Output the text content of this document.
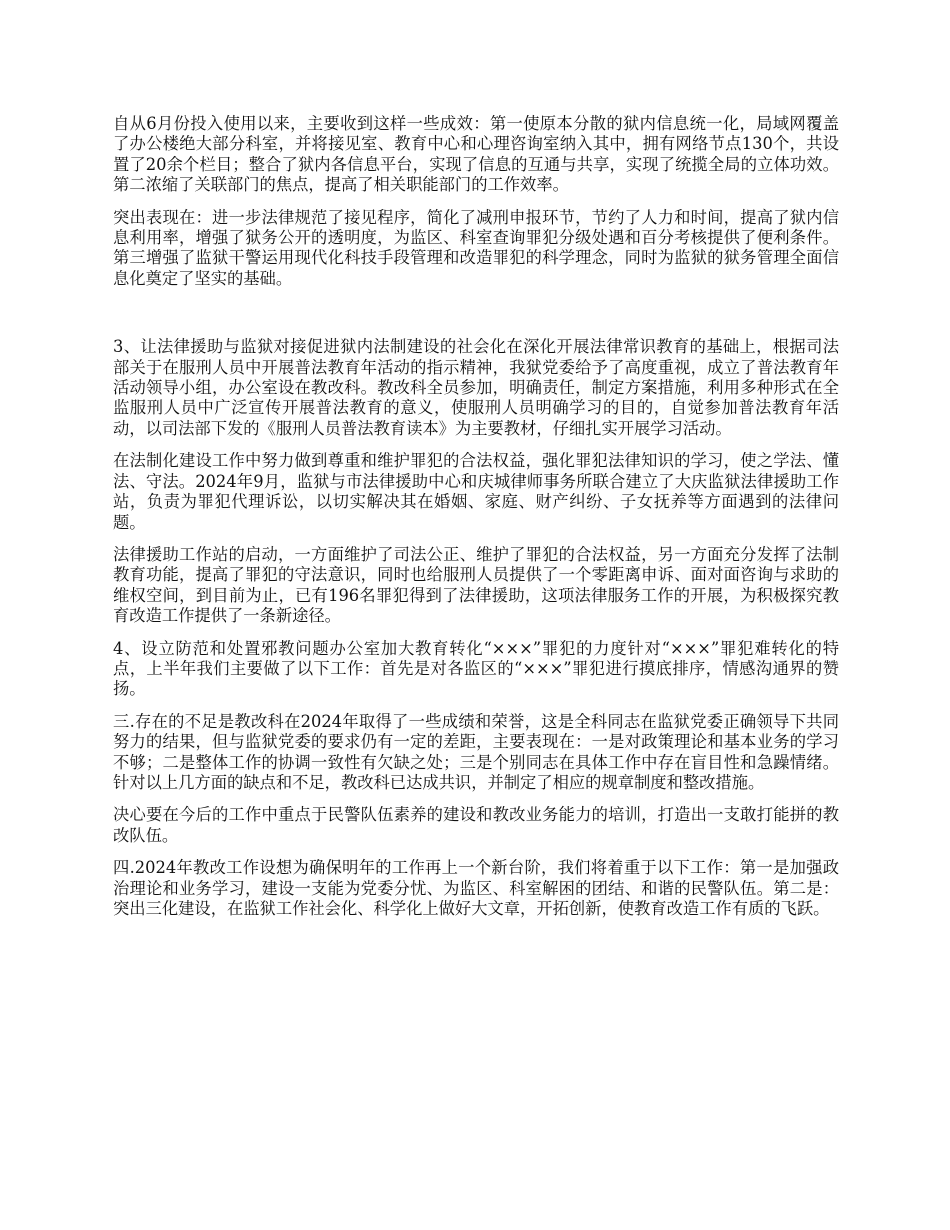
自从6月份投入使用以来，主要收到这样一些成效：第一使原本分散的狱内信息统一化，局域网覆盖了办公楼绝大部分科室，并将接见室、教育中心和心理咨询室纳入其中，拥有网络节点130个，共设置了20余个栏目；整合了狱内各信息平台，实现了信息的互通与共享，实现了统揽全局的立体功效。第二浓缩了关联部门的焦点，提高了相关职能部门的工作效率。

突出表现在：进一步法律规范了接见程序，简化了减刑申报环节，节约了人力和时间，提高了狱内信息利用率，增强了狱务公开的透明度，为监区、科室查询罪犯分级处遇和百分考核提供了便利条件。第三增强了监狱干警运用现代化科技手段管理和改造罪犯的科学理念，同时为监狱的狱务管理全面信息化奠定了坚实的基础。

3、让法律援助与监狱对接促进狱内法制建设的社会化在深化开展法律常识教育的基础上，根据司法部关于在服刑人员中开展普法教育年活动的指示精神，我狱党委给予了高度重视，成立了普法教育年活动领导小组，办公室设在教改科。教改科全员参加，明确责任，制定方案措施，利用多种形式在全监服刑人员中广泛宣传开展普法教育的意义，使服刑人员明确学习的目的，自觉参加普法教育年活动，以司法部下发的《服刑人员普法教育读本》为主要教材，仔细扎实开展学习活动。

在法制化建设工作中努力做到尊重和维护罪犯的合法权益，强化罪犯法律知识的学习，使之学法、懂法、守法。2024年9月，监狱与市法律援助中心和庆城律师事务所联合建立了大庆监狱法律援助工作站，负责为罪犯代理诉讼，以切实解决其在婚姻、家庭、财产纠纷、子女抚养等方面遇到的法律问题。

法律援助工作站的启动，一方面维护了司法公正、维护了罪犯的合法权益，另一方面充分发挥了法制教育功能，提高了罪犯的守法意识，同时也给服刑人员提供了一个零距离申诉、面对面咨询与求助的维权空间，到目前为止，已有196名罪犯得到了法律援助，这项法律服务工作的开展，为积极探究教育改造工作提供了一条新途径。

4、设立防范和处置邪教问题办公室加大教育转化“×××”罪犯的力度针对“×××”罪犯难转化的特点，上半年我们主要做了以下工作：首先是对各监区的“×××”罪犯进行摸底排序，情感沟通界的赞扬。

三.存在的不足是教改科在2024年取得了一些成绩和荣誉，这是全科同志在监狱党委正确领导下共同努力的结果，但与监狱党委的要求仍有一定的差距，主要表现在：一是对政策理论和基本业务的学习不够；二是整体工作的协调一致性有欠缺之处；三是个别同志在具体工作中存在盲目性和急躁情绪。针对以上几方面的缺点和不足，教改科已达成共识，并制定了相应的规章制度和整改措施。

决心要在今后的工作中重点于民警队伍素养的建设和教改业务能力的培训，打造出一支敢打能拼的教改队伍。

四.2024年教改工作设想为确保明年的工作再上一个新台阶，我们将着重于以下工作：第一是加强政治理论和业务学习，建设一支能为党委分忧、为监区、科室解困的团结、和谐的民警队伍。第二是：突出三化建设，在监狱工作社会化、科学化上做好大文章，开拓创新，使教育改造工作有质的飞跃。
